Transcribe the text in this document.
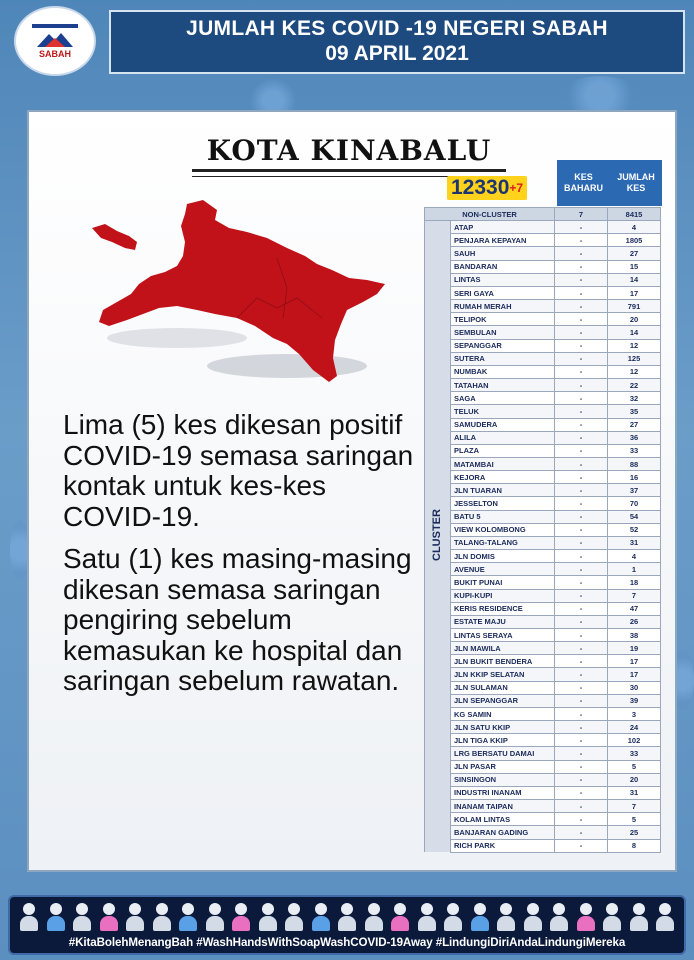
SABAH
JUMLAH KES COVID -19 NEGERI SABAH
09 APRIL 2021
KOTA KINABALU
$12330^{+7}$

Lima (5) kes dikesan positif COVID-19 semasa saringan kontak untuk kes-kes COVID-19.

Satu (1) kes masing-masing dikesan semasa saringan pengiring sebelum kemasukan ke hospital dan saringan sebelum rawatan.

KES BAHARU
JUMLAH KES
NON-CLUSTER		7	8415
	ATAP	-	4
	PENJARA KEPAYAN	-	1805
	SAUH	-	27
	BANDARAN	-	15
	LINTAS	-	14
	SERI GAYA	-	17
	RUMAH MERAH	-	791
	TELIPOK	-	20
	SEMBULAN	-	14
	SEPANGGAR	-	12
	SUTERA	-	125
	NUMBAK	-	12
	TATAHAN	-	22
	SAGA	-	32
	TELUK	-	35
	SAMUDERA	-	27
	ALILA	-	36
	PLAZA	-	33
	MATAMBAI	-	88
	KEJORA	-	16
	JLN TUARAN	-	37
	JESSELTON	-	70
	BATU 5	-	54
	VIEW KOLOMBONG	-	52
	TALANG-TALANG	-	31
	JLN DOMIS	-	4
	AVENUE	-	1
	BUKIT PUNAI	-	18
	KUPI-KUPI	-	7
	KERIS RESIDENCE	-	47
	ESTATE MAJU	-	26
	LINTAS SERAYA	-	38
	JLN MAWILA	-	19
	JLN BUKIT BENDERA	-	17
	JLN KKIP SELATAN	-	17
	JLN SULAMAN	-	30
	JLN SEPANGGAR	-	39
	KG SAMIN	-	3
	JLN SATU KKIP	-	24
	JLN TIGA KKIP	-	102
	LRG BERSATU DAMAI	-	33
	JLN PASAR	-	5
	SINSINGON	-	20
	INDUSTRI INANAM	-	31
	INANAM TAIPAN	-	7
	KOLAM LINTAS	-	5
	BANJARAN GADING	-	25
	RICH PARK	-	8
CLUSTER
#KitaBolehMenangBah #WashHandsWithSoapWashCOVID-19Away #LindungiDiriAndaLindungiMereka
